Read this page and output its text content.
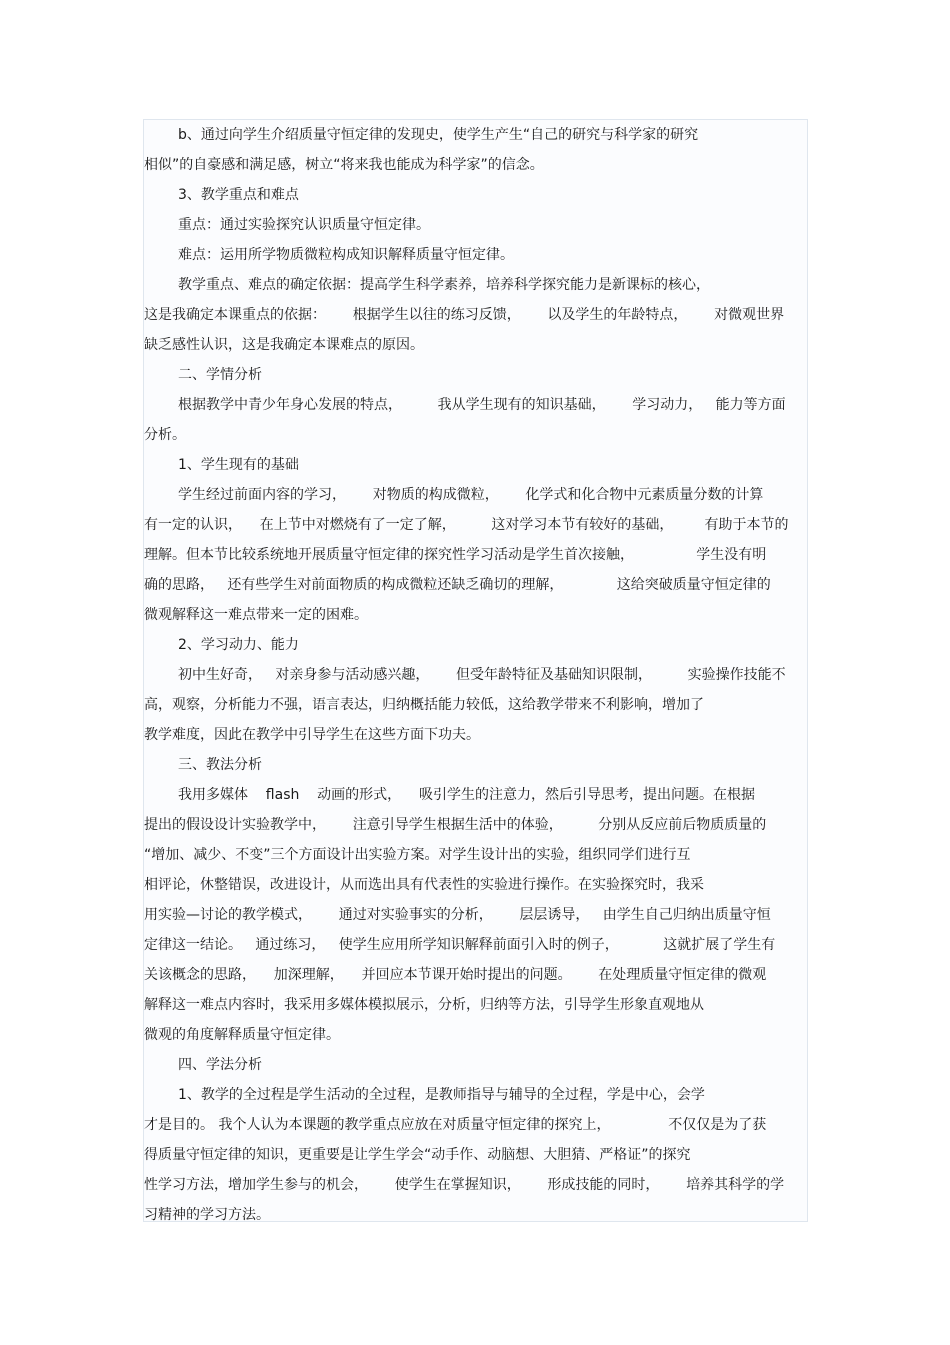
b、通过向学生介绍质量守恒定律的发现史，使学生产生“自己的研究与科学家的研究
相似”的自豪感和满足感，树立“将来我也能成为科学家”的信念。
3、教学重点和难点
重点：通过实验探究认识质量守恒定律。
难点：运用所学物质微粒构成知识解释质量守恒定律。
教学重点、难点的确定依据：提高学生科学素养，培养科学探究能力是新课标的核心，
这是我确定本课重点的依据：      根据学生以往的练习反馈，      以及学生的年龄特点，      对微观世界
缺乏感性认识，这是我确定本课难点的原因。
二、学情分析
根据教学中青少年身心发展的特点，        我从学生现有的知识基础，      学习动力，   能力等方面
分析。
1、学生现有的基础
学生经过前面内容的学习，      对物质的构成微粒，      化学式和化合物中元素质量分数的计算
有一定的认识，    在上节中对燃烧有了一定了解，        这对学习本节有较好的基础，       有助于本节的
理解。但本节比较系统地开展质量守恒定律的探究性学习活动是学生首次接触，              学生没有明
确的思路，   还有些学生对前面物质的构成微粒还缺乏确切的理解，            这给突破质量守恒定律的
微观解释这一难点带来一定的困难。
2、学习动力、能力
初中生好奇，   对亲身参与活动感兴趣，      但受年龄特征及基础知识限制，        实验操作技能不
高，观察，分析能力不强，语言表达，归纳概括能力较低，这给教学带来不利影响，增加了
教学难度，因此在教学中引导学生在这些方面下功夫。
三、教法分析
我用多媒体    flash    动画的形式，    吸引学生的注意力，然后引导思考，提出问题。在根据
提出的假设设计实验教学中，      注意引导学生根据生活中的体验，        分别从反应前后物质质量的
“增加、减少、不变”三个方面设计出实验方案。对学生设计出的实验，组织同学们进行互
相评论，休整错误，改进设计，从而选出具有代表性的实验进行操作。在实验探究时，我采
用实验—讨论的教学模式，      通过对实验事实的分析，      层层诱导，   由学生自己归纳出质量守恒
定律这一结论。   通过练习，   使学生应用所学知识解释前面引入时的例子，          这就扩展了学生有
关该概念的思路，    加深理解，    并回应本节课开始时提出的问题。      在处理质量守恒定律的微观
解释这一难点内容时，我采用多媒体模拟展示，分析，归纳等方法，引导学生形象直观地从
微观的角度解释质量守恒定律。
四、学法分析
1、教学的全过程是学生活动的全过程，是教师指导与辅导的全过程，学是中心，会学
才是目的。 我个人认为本课题的教学重点应放在对质量守恒定律的探究上，             不仅仅是为了获
得质量守恒定律的知识，更重要是让学生学会“动手作、动脑想、大胆猜、严格证”的探究
性学习方法，增加学生参与的机会，      使学生在掌握知识，      形成技能的同时，      培养其科学的学
习精神的学习方法。
